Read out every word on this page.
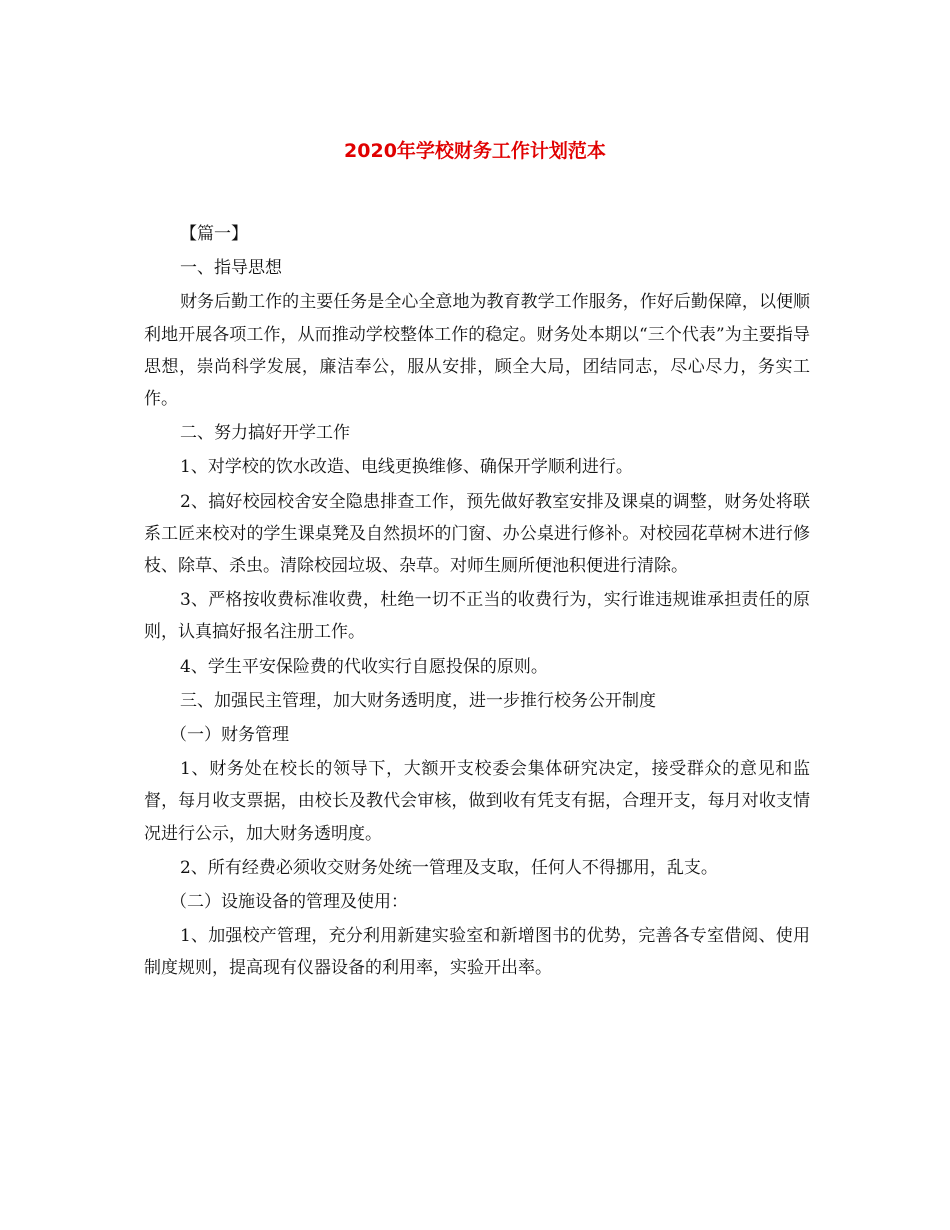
2020年学校财务工作计划范本

【篇一】

一、指导思想

财务后勤工作的主要任务是全心全意地为教育教学工作服务，作好后勤保障，以便顺利地开展各项工作，从而推动学校整体工作的稳定。财务处本期以“三个代表”为主要指导思想，崇尚科学发展，廉洁奉公，服从安排，顾全大局，团结同志，尽心尽力，务实工作。

二、努力搞好开学工作

1、对学校的饮水改造、电线更换维修、确保开学顺利进行。

2、搞好校园校舍安全隐患排查工作，预先做好教室安排及课桌的调整，财务处将联系工匠来校对的学生课桌凳及自然损坏的门窗、办公桌进行修补。对校园花草树木进行修枝、除草、杀虫。清除校园垃圾、杂草。对师生厕所便池积便进行清除。

3、严格按收费标准收费，杜绝一切不正当的收费行为，实行谁违规谁承担责任的原则，认真搞好报名注册工作。

4、学生平安保险费的代收实行自愿投保的原则。

三、加强民主管理，加大财务透明度，进一步推行校务公开制度

（一）财务管理

1、财务处在校长的领导下，大额开支校委会集体研究决定，接受群众的意见和监督，每月收支票据，由校长及教代会审核，做到收有凭支有据，合理开支，每月对收支情况进行公示，加大财务透明度。

2、所有经费必须收交财务处统一管理及支取，任何人不得挪用，乱支。

（二）设施设备的管理及使用：

1、加强校产管理，充分利用新建实验室和新增图书的优势，完善各专室借阅、使用制度规则，提高现有仪器设备的利用率，实验开出率。
